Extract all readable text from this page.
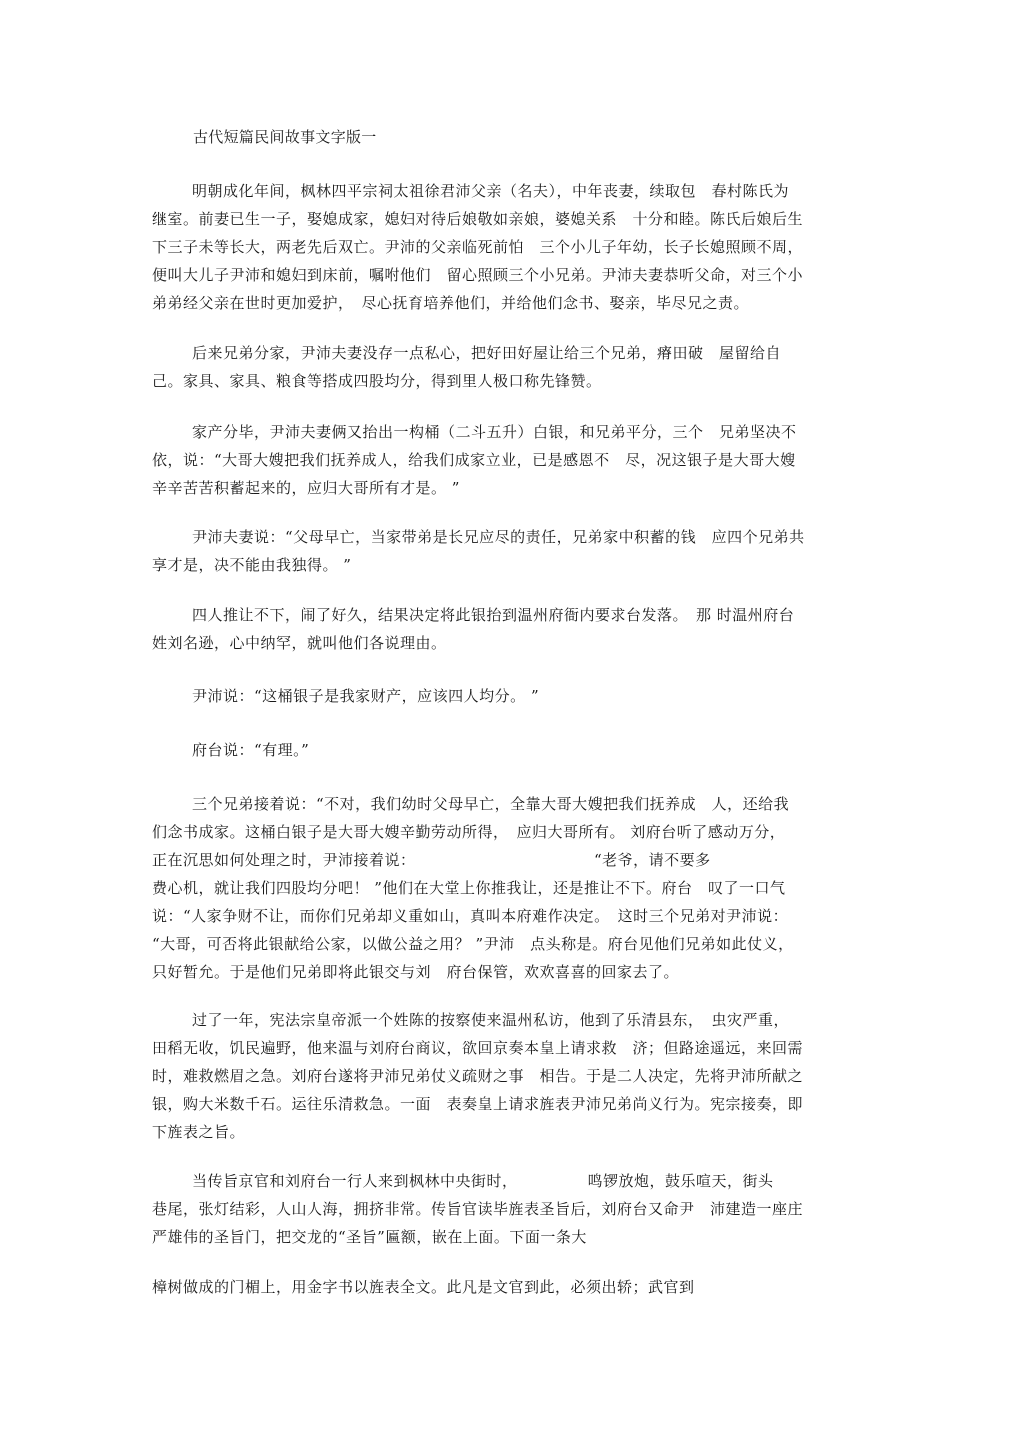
古代短篇民间故事文字版一
明朝成化年间，枫林四平宗祠太祖徐君沛父亲（名夫），中年丧妻，续取包　春村陈氏为
继室。前妻已生一子，娶媳成家，媳妇对待后娘敬如亲娘，婆媳关系　十分和睦。陈氏后娘后生
下三子未等长大，两老先后双亡。尹沛的父亲临死前怕　三个小儿子年幼，长子长媳照顾不周，
便叫大儿子尹沛和媳妇到床前，嘱咐他们　留心照顾三个小兄弟。尹沛夫妻恭听父命，对三个小
弟弟经父亲在世时更加爱护，　尽心抚育培养他们，并给他们念书、娶亲，毕尽兄之责。
后来兄弟分家，尹沛夫妻没存一点私心，把好田好屋让给三个兄弟，瘠田破　屋留给自
己。家具、家具、粮食等搭成四股均分，得到里人极口称先锋赞。
家产分毕，尹沛夫妻俩又抬出一构桶（二斗五升）白银，和兄弟平分，三个　兄弟坚决不
依，说：“大哥大嫂把我们抚养成人，给我们成家立业，已是感恩不　尽，况这银子是大哥大嫂
辛辛苦苦积蓄起来的，应归大哥所有才是。 ”
尹沛夫妻说：“父母早亡，当家带弟是长兄应尽的责任，兄弟家中积蓄的钱　应四个兄弟共
享才是，决不能由我独得。 ”
四人推让不下，闹了好久，结果决定将此银抬到温州府衙内要求台发落。　那 时温州府台
姓刘名逊，心中纳罕，就叫他们各说理由。
尹沛说：“这桶银子是我家财产，应该四人均分。 ”
府台说：“有理。”
三个兄弟接着说：“不对，我们幼时父母早亡，全靠大哥大嫂把我们抚养成　人，还给我
们念书成家。这桶白银子是大哥大嫂辛勤劳动所得，　应归大哥所有。 刘府台听了感动万分，
正在沉思如何处理之时，尹沛接着说：　　　　　　　　　　　　“老爷，请不要多
费心机，就让我们四股均分吧！ ”他们在大堂上你推我让，还是推让不下。府台　叹了一口气
说：“人家争财不让，而你们兄弟却义重如山，真叫本府难作决定。　这时三个兄弟对尹沛说：
“大哥，可否将此银献给公家，以做公益之用？ ”尹沛　点头称是。府台见他们兄弟如此仗义，
只好暂允。于是他们兄弟即将此银交与刘　府台保管，欢欢喜喜的回家去了。
过了一年，宪法宗皇帝派一个姓陈的按察使来温州私访，他到了乐清县东，　虫灾严重，
田稻无收，饥民遍野，他来温与刘府台商议，欲回京奏本皇上请求救　济；但路途遥远，来回需
时，难救燃眉之急。刘府台遂将尹沛兄弟仗义疏财之事　相告。于是二人决定，先将尹沛所献之
银，购大米数千石。运往乐清救急。一面　表奏皇上请求旌表尹沛兄弟尚义行为。宪宗接奏，即
下旌表之旨。
当传旨京官和刘府台一行人来到枫林中央街时，　　　　　鸣锣放炮，鼓乐喧天，街头
巷尾，张灯结彩，人山人海，拥挤非常。传旨官读毕旌表圣旨后，刘府台又命尹　沛建造一座庄
严雄伟的圣旨门，把交龙的“圣旨”匾额，嵌在上面。下面一条大
樟树做成的门楣上，用金字书以旌表全文。此凡是文官到此，必须出轿；武官到
